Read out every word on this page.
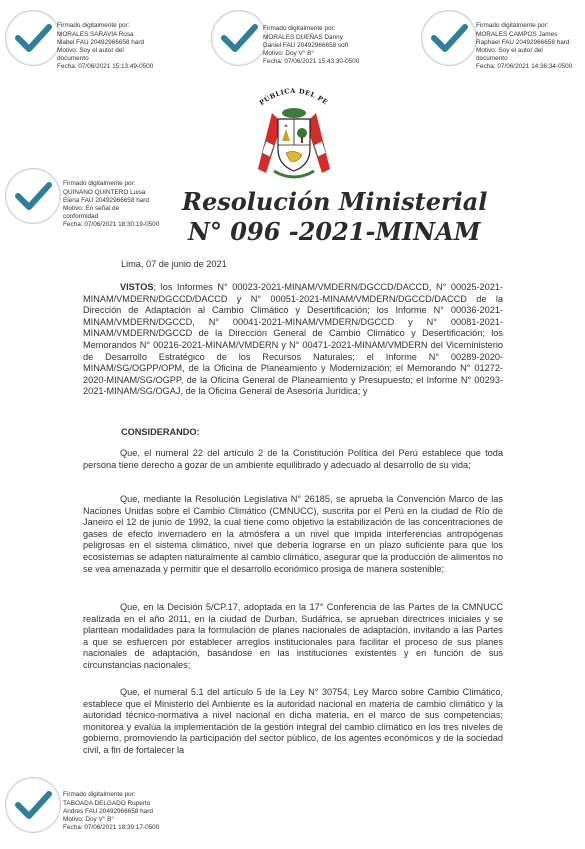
Firmado digitalmente por:
MORALES SARAVIA Rosa
Mabel FAU 20492966658 hard
Motivo: Soy el autor del
documento
Fecha: 07/06/2021 15:13:49-0500

Firmado digitalmente por:
MORALES DUEÑAS Danny
Daniel FAU 20492966658 soft
Motivo: Doy V° B°
Fecha: 07/06/2021 15:43:30-0500

Firmado digitalmente por:
MORALES CAMPOS James
Raphael FAU 20492966658 hard
Motivo: Soy el autor del
documento
Fecha: 07/06/2021 14:36:34-0500

Firmado digitalmente por:
QUINANO QUINTERO Luisa
Elena FAU 20492966658 hard
Motivo: En señal de
conformidad
Fecha: 07/06/2021 18:30:19-0500

Firmado digitalmente por:
TABOADA DELGADO Ruperto
Andres FAU 20492966658 hard
Motivo: Doy V° B°
Fecha: 07/06/2021 18:39:17-0500

PÚBLICA DEL PE
Resolución Ministerial
N° 096 -2021-MINAM
Lima, 07 de junio de 2021

VISTOS; los Informes N° 00023-2021-MINAM/VMDERN/DGCCD/DACCD, N° 00025-2021-MINAM/VMDERN/DGCCD/DACCD y N° 00051-2021-MINAM/VMDERN/DGCCD/DACCD de la Dirección de Adaptación al Cambio Climático y Desertificación; los Informe N° 00036-2021-MINAM/VMDERN/DGCCD, N° 00041-2021-MINAM/VMDERN/DGCCD y N° 00081-2021-MINAM/VMDERN/DGCCD de la Dirección General de Cambio Climático y Desertificación; los Memorandos N° 00216-2021-MINAM/VMDERN y N° 00471-2021-MINAM/VMDERN del Viceministerio de Desarrollo Estratégico de los Recursos Naturales; el Informe N° 00289-2020-MINAM/SG/OGPP/OPM, de la Oficina de Planeamiento y Modernización; el Memorando N° 01272-2020-MINAM/SG/OGPP, de la Oficina General de Planeamiento y Presupuesto; el Informe N° 00293-2021-MINAM/SG/OGAJ, de la Oficina General de Asesoría Jurídica; y

CONSIDERANDO:

Que, el numeral 22 del artículo 2 de la Constitución Política del Perú establece que toda persona tiene derecho a gozar de un ambiente equilibrado y adecuado al desarrollo de su vida;

Que, mediante la Resolución Legislativa N° 26185, se aprueba la Convención Marco de las Naciones Unidas sobre el Cambio Climático (CMNUCC), suscrita por el Perú en la ciudad de Río de Janeiro el 12 de junio de 1992, la cual tiene como objetivo la estabilización de las concentraciones de gases de efecto invernadero en la atmósfera a un nivel que impida interferencias antropógenas peligrosas en el sistema climático, nivel que debería lograrse en un plazo suficiente para que los ecosistemas se adapten naturalmente al cambio climático, asegurar que la producción de alimentos no se vea amenazada y permitir que el desarrollo económico prosiga de manera sostenible;

Que, en la Decisión 5/CP.17, adoptada en la 17° Conferencia de las Partes de la CMNUCC realizada en el año 2011, en la ciudad de Durban, Sudáfrica, se aprueban directrices iniciales y se plantean modalidades para la formulación de planes nacionales de adaptación, invitando a las Partes a que se esfuercen por establecer arreglos institucionales para facilitar el proceso de sus planes nacionales de adaptación, basándose en las instituciones existentes y en función de sus circunstancias nacionales;

Que, el numeral 5.1 del artículo 5 de la Ley N° 30754, Ley Marco sobre Cambio Climático, establece que el Ministerio del Ambiente es la autoridad nacional en materia de cambio climático y la autoridad técnico-normativa a nivel nacional en dicha materia, en el marco de sus competencias; monitorea y evalúa la implementación de la gestión integral del cambio climático en los tres niveles de gobierno, promoviendo la participación del sector público, de los agentes económicos y de la sociedad civil, a fin de fortalecer la
